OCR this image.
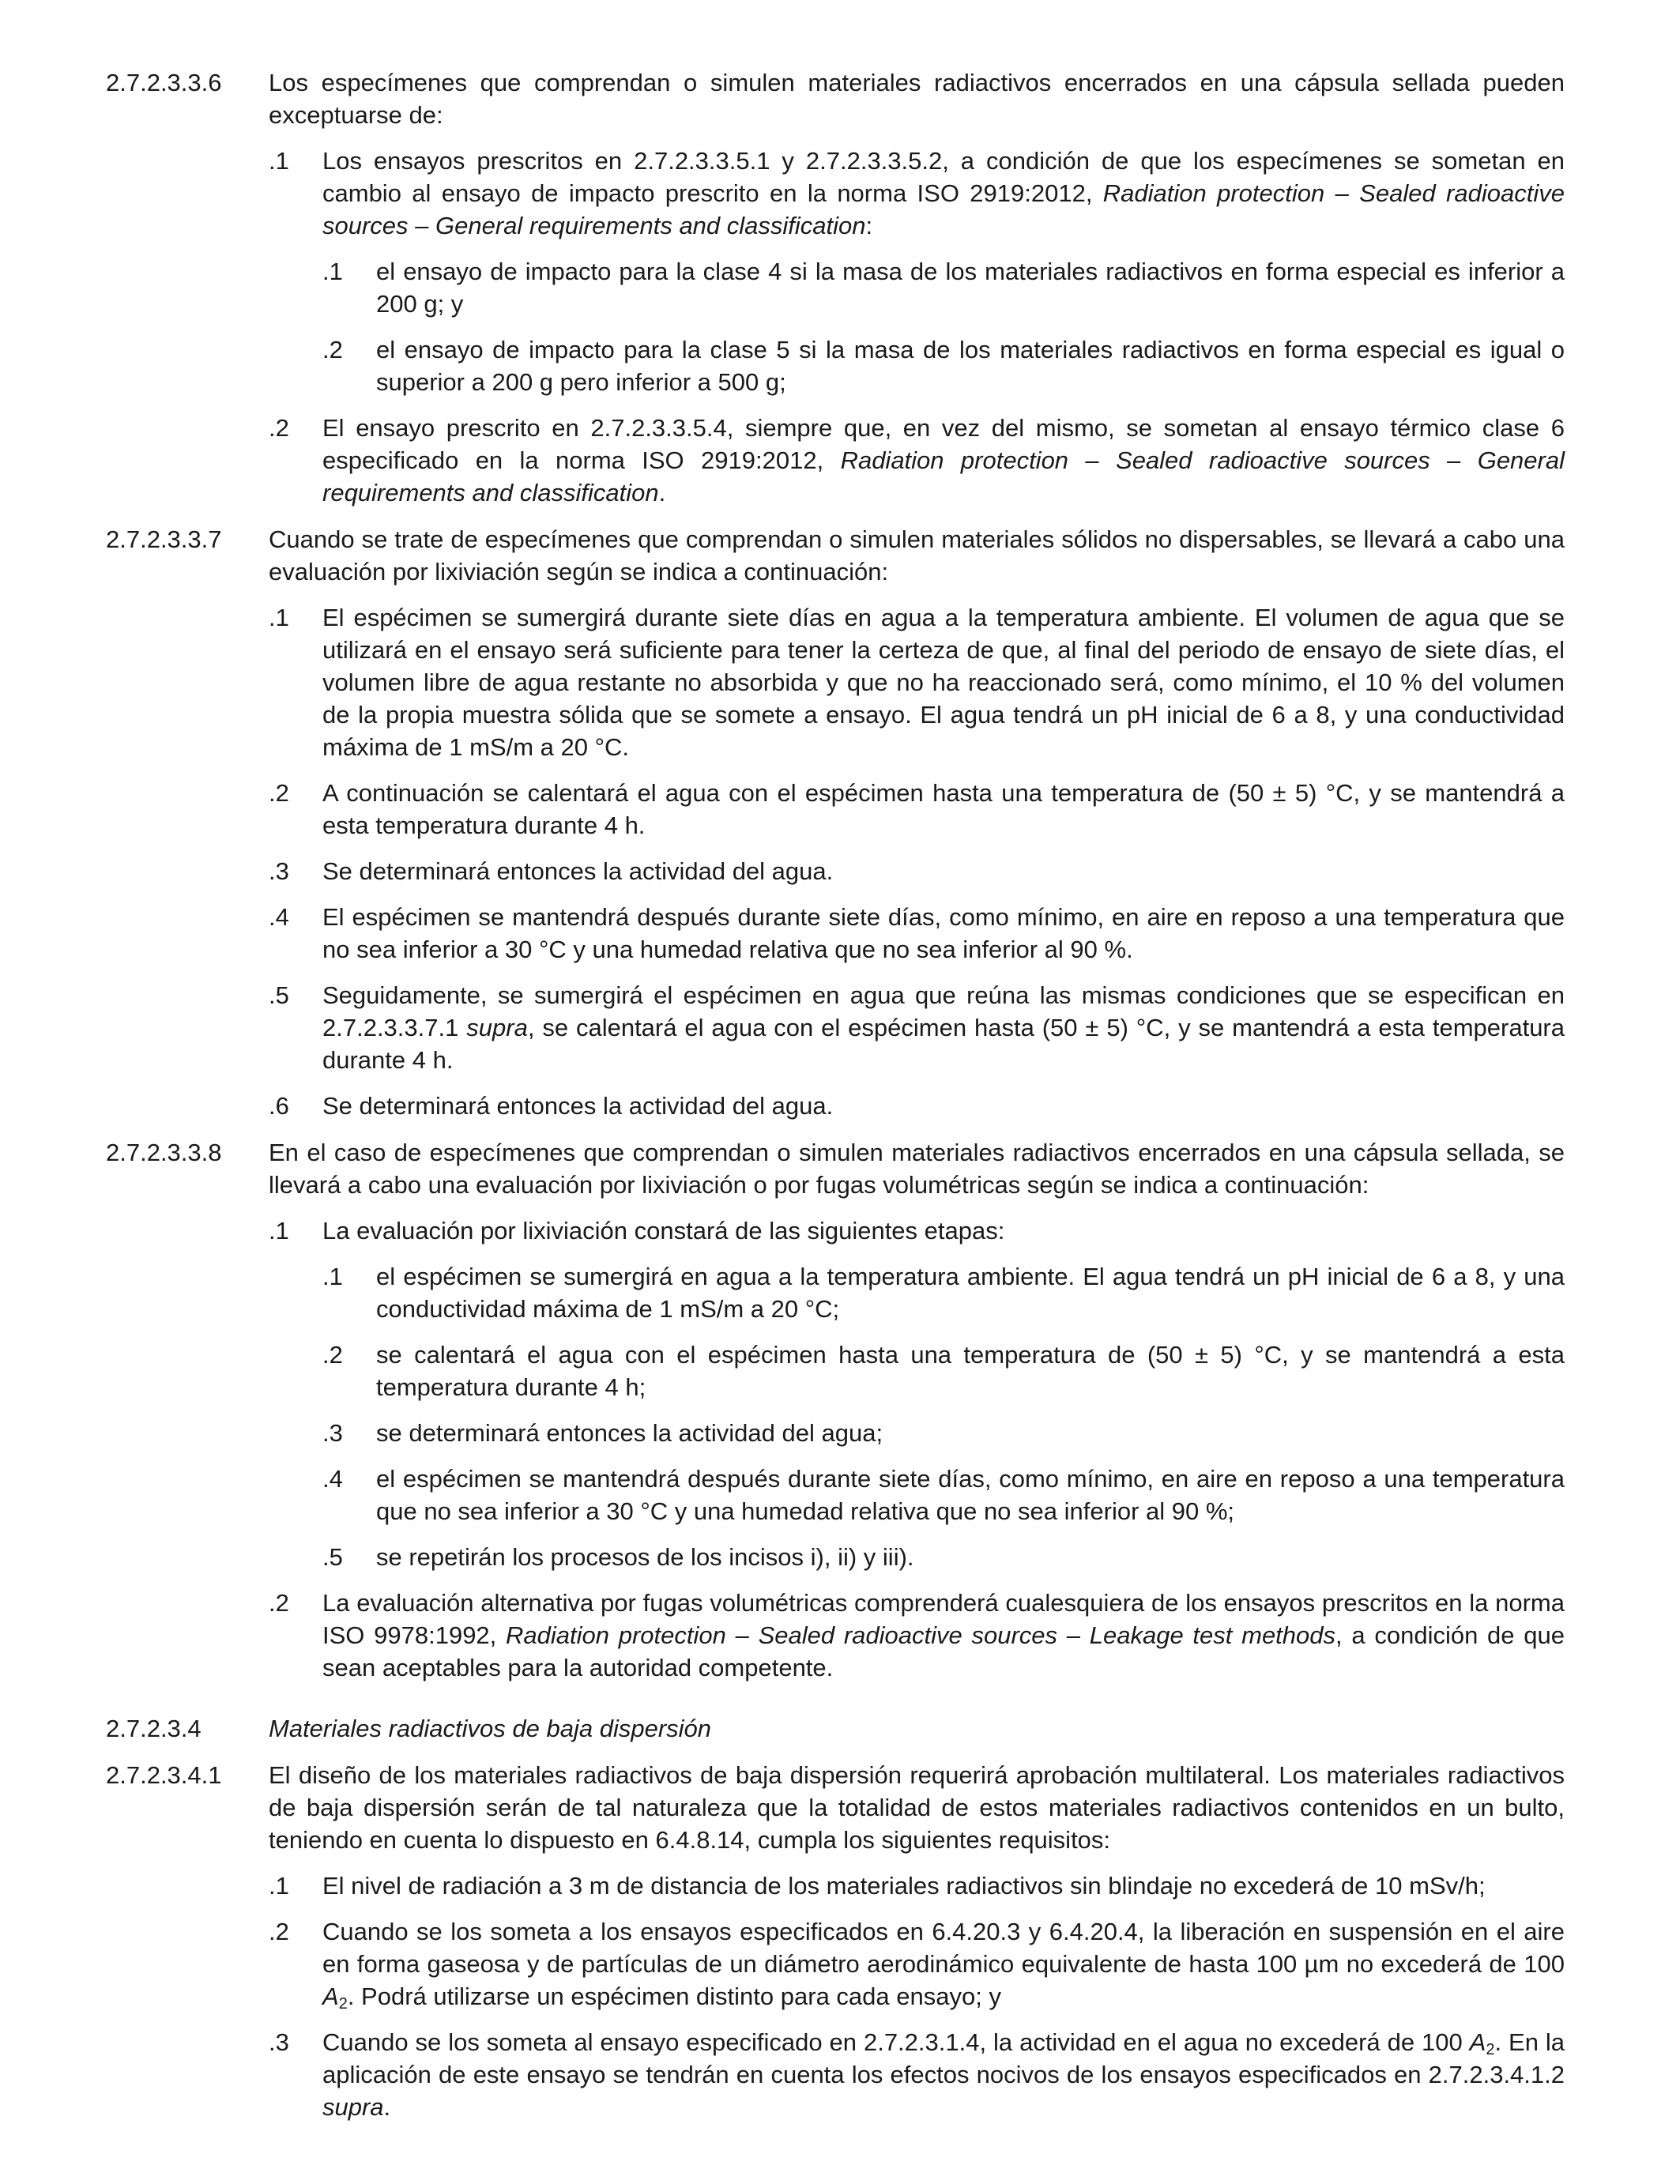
2.7.2.3.3.6	Los especímenes que comprendan o simulen materiales radiactivos encerrados en una cápsula sellada pueden exceptuarse de:
.1	Los ensayos prescritos en 2.7.2.3.3.5.1 y 2.7.2.3.3.5.2, a condición de que los especímenes se sometan en cambio al ensayo de impacto prescrito en la norma ISO 2919:2012, Radiation protection – Sealed radioactive sources – General requirements and classification:
.1	el ensayo de impacto para la clase 4 si la masa de los materiales radiactivos en forma especial es inferior a 200 g; y
.2	el ensayo de impacto para la clase 5 si la masa de los materiales radiactivos en forma especial es igual o superior a 200 g pero inferior a 500 g;
.2	El ensayo prescrito en 2.7.2.3.3.5.4, siempre que, en vez del mismo, se sometan al ensayo térmico clase 6 especificado en la norma ISO 2919:2012, Radiation protection – Sealed radioactive sources – General requirements and classification.
2.7.2.3.3.7	Cuando se trate de especímenes que comprendan o simulen materiales sólidos no dispersables, se llevará a cabo una evaluación por lixiviación según se indica a continuación:
.1	El espécimen se sumergirá durante siete días en agua a la temperatura ambiente. El volumen de agua que se utilizará en el ensayo será suficiente para tener la certeza de que, al final del periodo de ensayo de siete días, el volumen libre de agua restante no absorbida y que no ha reaccionado será, como mínimo, el 10 % del volumen de la propia muestra sólida que se somete a ensayo. El agua tendrá un pH inicial de 6 a 8, y una conductividad máxima de 1 mS/m a 20 °C.
.2	A continuación se calentará el agua con el espécimen hasta una temperatura de (50 ± 5) °C, y se mantendrá a esta temperatura durante 4 h.
.3	Se determinará entonces la actividad del agua.
.4	El espécimen se mantendrá después durante siete días, como mínimo, en aire en reposo a una temperatura que no sea inferior a 30 °C y una humedad relativa que no sea inferior al 90 %.
.5	Seguidamente, se sumergirá el espécimen en agua que reúna las mismas condiciones que se especifican en 2.7.2.3.3.7.1 supra, se calentará el agua con el espécimen hasta (50 ± 5) °C, y se mantendrá a esta temperatura durante 4 h.
.6	Se determinará entonces la actividad del agua.
2.7.2.3.3.8	En el caso de especímenes que comprendan o simulen materiales radiactivos encerrados en una cápsula sellada, se llevará a cabo una evaluación por lixiviación o por fugas volumétricas según se indica a continuación:
.1	La evaluación por lixiviación constará de las siguientes etapas:
.1	el espécimen se sumergirá en agua a la temperatura ambiente. El agua tendrá un pH inicial de 6 a 8, y una conductividad máxima de 1 mS/m a 20 °C;
.2	se calentará el agua con el espécimen hasta una temperatura de (50 ± 5) °C, y se mantendrá a esta temperatura durante 4 h;
.3	se determinará entonces la actividad del agua;
.4	el espécimen se mantendrá después durante siete días, como mínimo, en aire en reposo a una temperatura que no sea inferior a 30 °C y una humedad relativa que no sea inferior al 90 %;
.5	se repetirán los procesos de los incisos i), ii) y iii).
.2	La evaluación alternativa por fugas volumétricas comprenderá cualesquiera de los ensayos prescritos en la norma ISO 9978:1992, Radiation protection – Sealed radioactive sources – Leakage test methods, a condición de que sean aceptables para la autoridad competente.
2.7.2.3.4	Materiales radiactivos de baja dispersión
2.7.2.3.4.1	El diseño de los materiales radiactivos de baja dispersión requerirá aprobación multilateral. Los materiales radiactivos de baja dispersión serán de tal naturaleza que la totalidad de estos materiales radiactivos contenidos en un bulto, teniendo en cuenta lo dispuesto en 6.4.8.14, cumpla los siguientes requisitos:
.1	El nivel de radiación a 3 m de distancia de los materiales radiactivos sin blindaje no excederá de 10 mSv/h;
.2	Cuando se los someta a los ensayos especificados en 6.4.20.3 y 6.4.20.4, la liberación en suspensión en el aire en forma gaseosa y de partículas de un diámetro aerodinámico equivalente de hasta 100 µm no excederá de 100 $A_2$. Podrá utilizarse un espécimen distinto para cada ensayo; y
.3	Cuando se los someta al ensayo especificado en 2.7.2.3.1.4, la actividad en el agua no excederá de 100 $A_2$. En la aplicación de este ensayo se tendrán en cuenta los efectos nocivos de los ensayos especificados en 2.7.2.3.4.1.2 supra.
